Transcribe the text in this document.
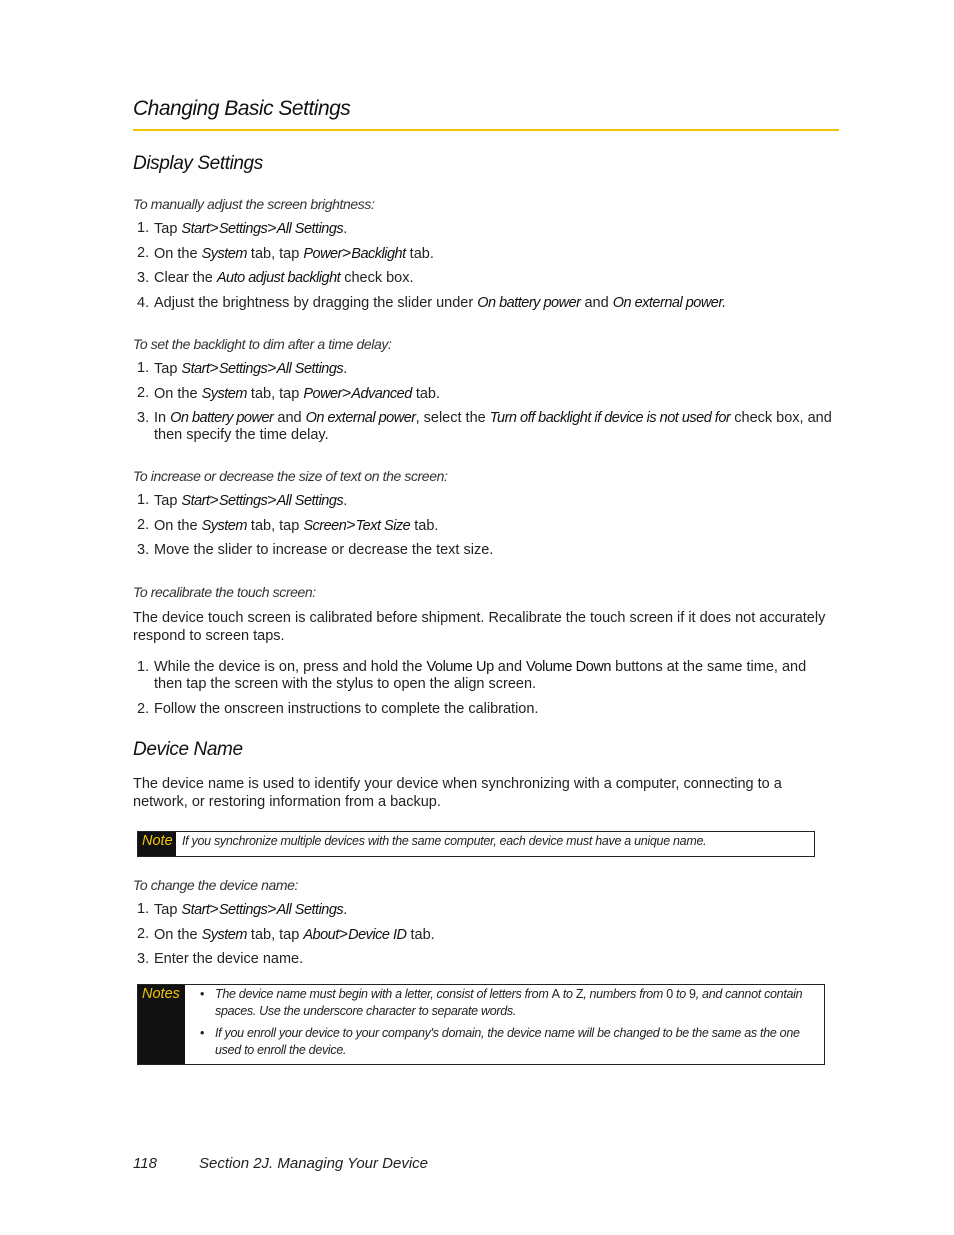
Changing Basic Settings
Display Settings
To manually adjust the screen brightness:
1. Tap Start>Settings>All Settings.
2. On the System tab, tap Power>Backlight tab.
3. Clear the Auto adjust backlight check box.
4. Adjust the brightness by dragging the slider under On battery power and On external power.
To set the backlight to dim after a time delay:
1. Tap Start>Settings>All Settings.
2. On the System tab, tap Power>Advanced tab.
3. In On battery power and On external power, select the Turn off backlight if device is not used for check box, and then specify the time delay.
To increase or decrease the size of text on the screen:
1. Tap Start>Settings>All Settings.
2. On the System tab, tap Screen>Text Size tab.
3. Move the slider to increase or decrease the text size.
To recalibrate the touch screen:
The device touch screen is calibrated before shipment. Recalibrate the touch screen if it does not accurately respond to screen taps.
1. While the device is on, press and hold the Volume Up and Volume Down buttons at the same time, and then tap the screen with the stylus to open the align screen.
2. Follow the onscreen instructions to complete the calibration.
Device Name
The device name is used to identify your device when synchronizing with a computer, connecting to a network, or restoring information from a backup.
Note If you synchronize multiple devices with the same computer, each device must have a unique name.
To change the device name:
1. Tap Start>Settings>All Settings.
2. On the System tab, tap About>Device ID tab.
3. Enter the device name.
Notes	• The device name must begin with a letter, consist of letters from A to Z, numbers from 0 to 9, and cannot contain spaces. Use the underscore character to separate words.
• If you enroll your device to your company's domain, the device name will be changed to be the same as the one used to enroll the device.
118	Section 2J. Managing Your Device
